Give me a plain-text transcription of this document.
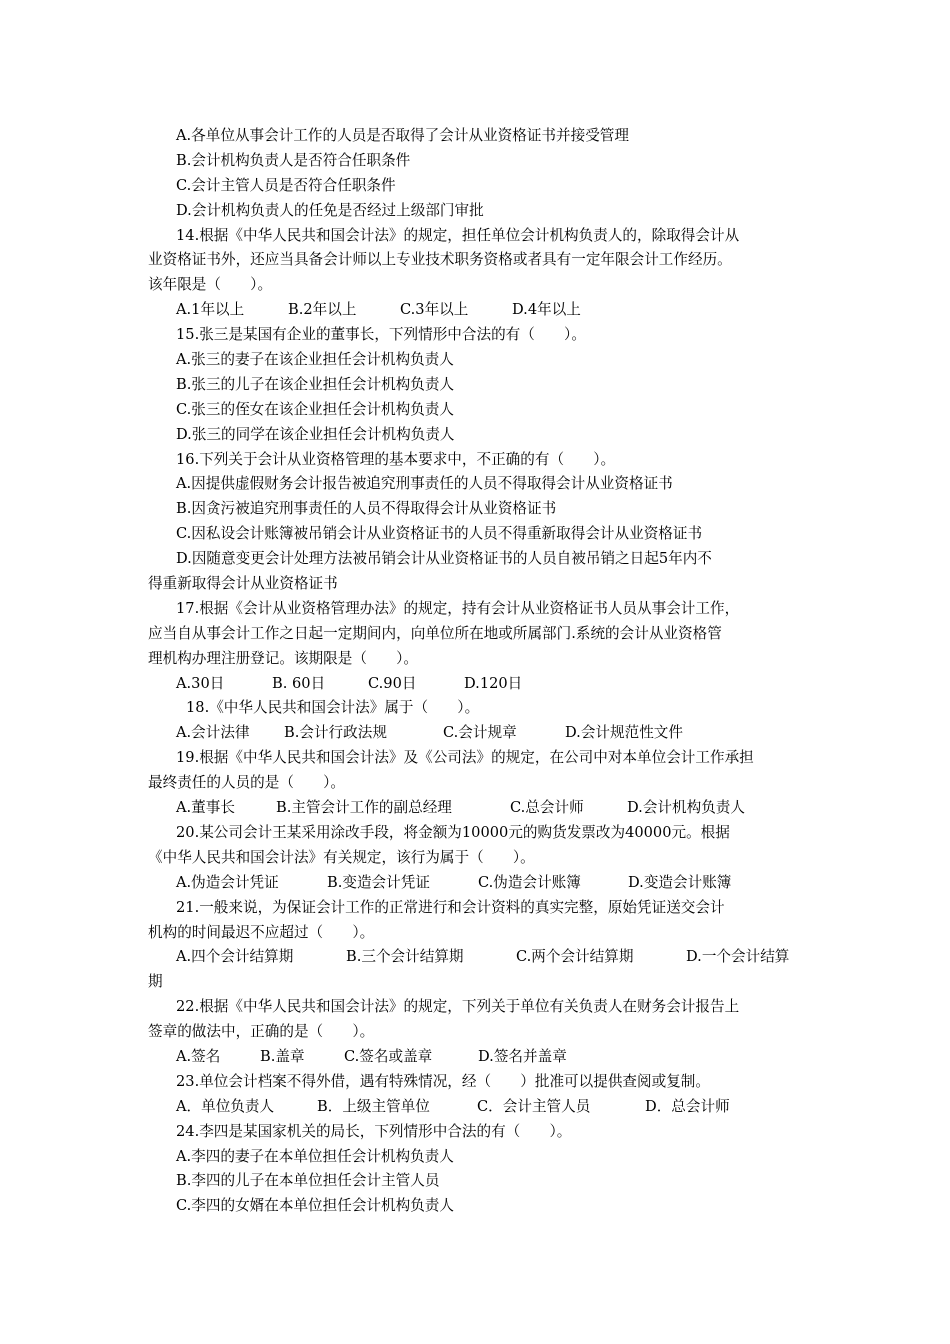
A.各单位从事会计工作的人员是否取得了会计从业资格证书并接受管理
B.会计机构负责人是否符合任职条件
C.会计主管人员是否符合任职条件
D.会计机构负责人的任免是否经过上级部门审批
14.根据《中华人民共和国会计法》的规定，担任单位会计机构负责人的，除取得会计从
业资格证书外，还应当具备会计师以上专业技术职务资格或者具有一定年限会计工作经历。
该年限是（　　）。
A.1年以上	B.2年以上	C.3年以上	D.4年以上
15.张三是某国有企业的董事长，下列情形中合法的有（　　）。
A.张三的妻子在该企业担任会计机构负责人
B.张三的儿子在该企业担任会计机构负责人
C.张三的侄女在该企业担任会计机构负责人
D.张三的同学在该企业担任会计机构负责人
16.下列关于会计从业资格管理的基本要求中，不正确的有（　　）。
A.因提供虚假财务会计报告被追究刑事责任的人员不得取得会计从业资格证书
B.因贪污被追究刑事责任的人员不得取得会计从业资格证书
C.因私设会计账簿被吊销会计从业资格证书的人员不得重新取得会计从业资格证书
D.因随意变更会计处理方法被吊销会计从业资格证书的人员自被吊销之日起5年内不
得重新取得会计从业资格证书
17.根据《会计从业资格管理办法》的规定，持有会计从业资格证书人员从事会计工作，
应当自从事会计工作之日起一定期间内，向单位所在地或所属部门.系统的会计从业资格管
理机构办理注册登记。该期限是（　　）。
A.30日	B. 60日	C.90日	D.120日
18.《中华人民共和国会计法》属于（　　）。
A.会计法律	B.会计行政法规	C.会计规章	D.会计规范性文件
19.根据《中华人民共和国会计法》及《公司法》的规定，在公司中对本单位会计工作承担
最终责任的人员的是（　　）。
A.董事长	B.主管会计工作的副总经理	C.总会计师	D.会计机构负责人
20.某公司会计王某采用涂改手段，将金额为10000元的购货发票改为40000元。根据
《中华人民共和国会计法》有关规定，该行为属于（　　）。
A.伪造会计凭证	B.变造会计凭证	C.伪造会计账簿	D.变造会计账簿
21.一般来说，为保证会计工作的正常进行和会计资料的真实完整，原始凭证送交会计
机构的时间最迟不应超过（　　）。
A.四个会计结算期	B.三个会计结算期	C.两个会计结算期	D.一个会计结算
期
22.根据《中华人民共和国会计法》的规定，下列关于单位有关负责人在财务会计报告上
签章的做法中，正确的是（　　）。
A.签名	B.盖章	C.签名或盖章	D.签名并盖章
23.单位会计档案不得外借，遇有特殊情况，经（　　）批准可以提供查阅或复制。
A．单位负责人	B．上级主管单位	C．会计主管人员	D．总会计师
24.李四是某国家机关的局长，下列情形中合法的有（　　）。
A.李四的妻子在本单位担任会计机构负责人
B.李四的儿子在本单位担任会计主管人员
C.李四的女婿在本单位担任会计机构负责人
